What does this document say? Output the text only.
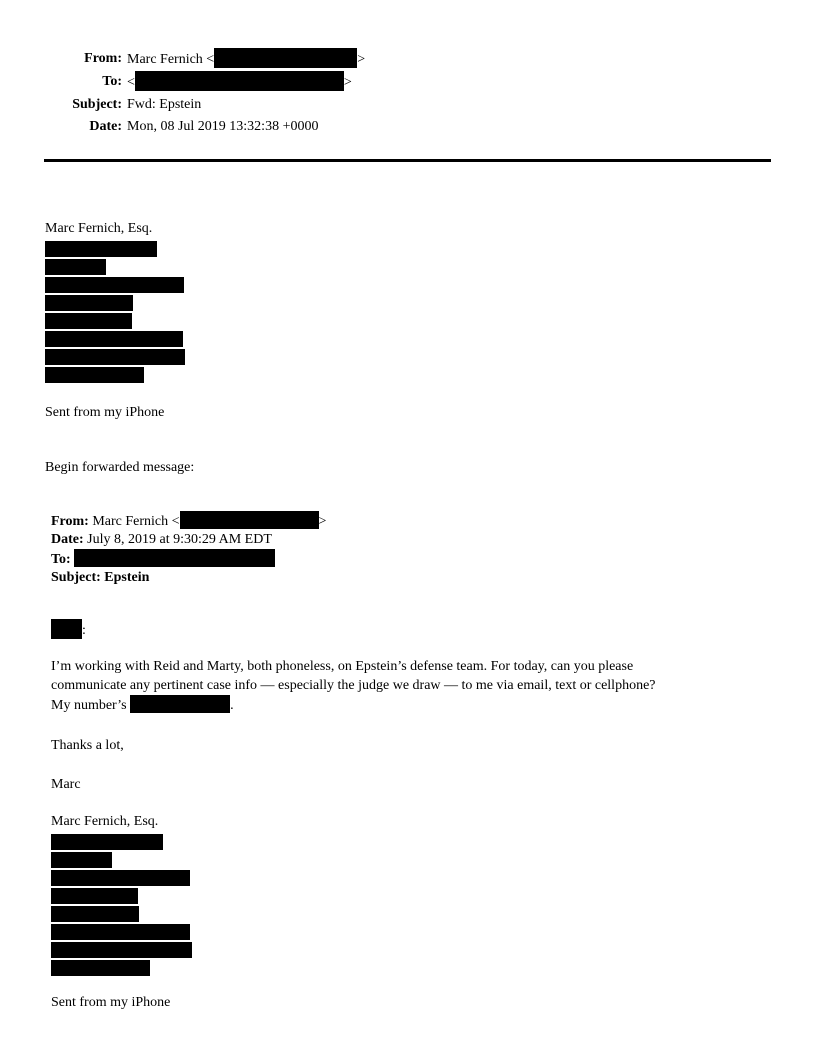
From: Marc Fernich <	>
To: <	>
Subject: Fwd: Epstein
Date: Mon, 08 Jul 2019 13:32:38 +0000
Marc Fernich, Esq.
Sent from my iPhone
Begin forwarded message:
From: Marc Fernich <	>
Date: July 8, 2019 at 9:30:29 AM EDT
To:
Subject: Epstein
:
I’m working with Reid and Marty, both phoneless, on Epstein’s defense team. For today, can you please
communicate any pertinent case info — especially the judge we draw — to me via email, text or cellphone?
My number’s	.
Thanks a lot,
Marc
Marc Fernich, Esq.
Sent from my iPhone
